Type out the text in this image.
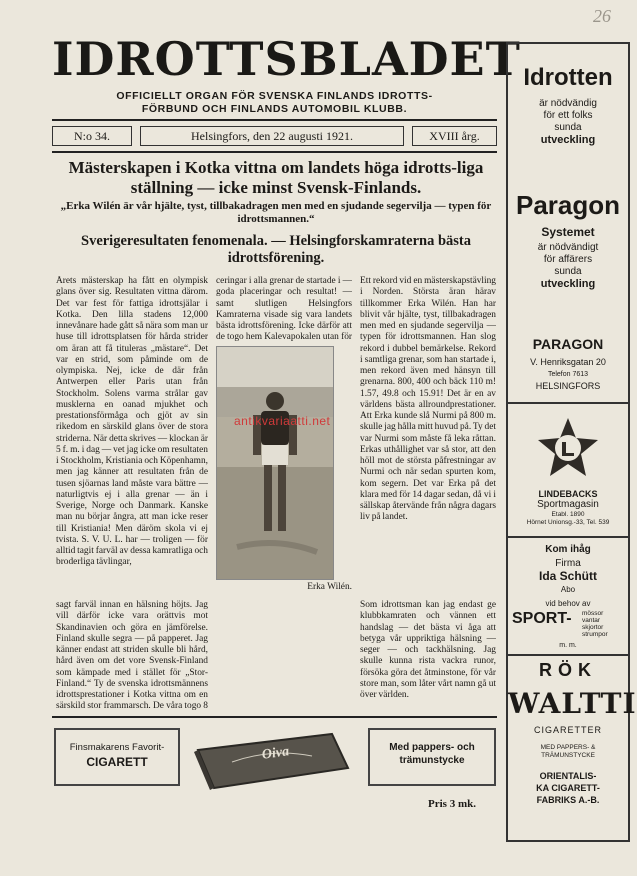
26
IDROTTSBLADET
OFFICIELLT ORGAN FÖR SVENSKA FINLANDS IDROTTS-
FÖRBUND OCH FINLANDS AUTOMOBIL KLUBB.
N:o 34.	Helsingfors, den 22 augusti 1921.	XVIII årg.
Mästerskapen i Kotka vittna om landets höga idrotts-liga ställning — icke minst Svensk-Finlands.
„Erka Wilén är vår hjälte, tyst, tillbakadragen men med en sjudande segervilja — typen för idrottsmannen.“
Sverigeresultaten fenomenala. — Helsingforskamraterna bästa idrottsförening.
Årets mästerskap ha fått en olympisk glans över sig. Resultaten vittna därom. Det var fest för fattiga idrottsjälar i Kotka. Den lilla stadens 12,000 innevånare hade gått så nära som man ur huse till idrottsplatsen för hårda strider om äran att få tituleras „mästare“. Det var en strid, som påminde om de olympiska. Nej, icke de där från Antwerpen eller Paris utan från Stockholm. Solens varma strålar gav musklerna en oanad mjukhet och prestationsförmåga och gjöt av sin rikedom en särskild glans över de stora striderna. När detta skrives — klockan är 5 f. m. i dag — vet jag icke om resultaten i Stockholm, Kristiania och Köpenhamn, men jag känner att resultaten från de tusen sjöarnas land måste vara bättre — naturligtvis ej i alla grenar — än i Sverige, Norge och Danmark. Kanske man nu börjar ångra, att man icke reser till Kristiania! Men däröm skola vi ej tvista. S. V. U. L. har — troligen — för alltid tagit farväl av dessa kamratliga och broderliga tävlingar,
ceringar i alla grenar de startade i — goda placeringar och resultat! — samt slutligen Helsingfors Kamraterna visade sig vara landets bästa idrottsförening. Icke därför att de togo hem Kalevapokalen utan för
Ett rekord vid en mästerskapstävling i Norden. Största äran härav tillkommer Erka Wilén. Han har blivit vår hjälte, tyst, tillbakadragen men med en sjudande segervilja — typen för idrottsmannen. Han slog rekord i dubbel bemärkelse. Rekord i samtliga grenar, som han startade i, men rekord även med hänsyn till grenarna. 800, 400 och bäck 110 m! 1.57, 49.8 och 15.91! Det är en av världens bästa allroundprestationer. Att Erka kunde slå Nurmi på 800 m. skulle jag hålla mitt huvud på. Ty det var Nurmi som måste få leka råttan. Erkas uthållighet var så stor, att den höll mot de största påfrestningar av Nurmi och när sedan spurten kom, kom segern. Det var Erka på det klara med för 14 dagar sedan, då vi i sällskap återvände från några dagars liv på landet.
sagt farväl innan en hälsning höjts. Jag vill därför icke vara orättvis mot Skandinavien och göra en jämförelse. Finland skulle segra — på papperet. Jag känner endast att striden skulle bli hård, hård även om det vore Svensk-Finland som kämpade med i stället för „Stor-Finland.“ Ty de svenska idrottsmännens idrottsprestationer i Kotka vittna om en särskild stor frammarsch. De våra togo 8
Som idrottsman kan jag endast ge klubbkamraten och vännen ett handslag — det bästa vi åga att betyga vår uppriktiga hälsning — seger — och tackhälsning. Jag skulle kunna rista vackra runor, försöka göra det åtminstone, för vår store man, som låter vårt namn gå ut över världen.
antikvariaatti.net
Erka Wilén.
Finsmakarens Favorit-
CIGARETT	Oiva	Med pappers- och
trämunstycke
Pris 3 mk.
Idrotten
är nödvändig
för ett folks
sunda
utveckling
Paragon
Systemet
är nödvändigt
för affärers
sunda
utveckling
PARAGON
V. Henriksgatan 20
Telefon 7613
HELSINGFORS
LINDEBACKS
Sportmagasin
Etabl. 1890
Hörnet Unionsg.-33, Tel. 539
Kom ihåg
Firma
Ida Schütt
Abo
vid behov av
SPORT- mössor
vantar
skjortor
strumpor
m. m.
RÖK
WALTTI
CIGARETTER
MED PAPPERS- &
TRÄMUNSTYCKE
ORIENTALIS-
KA CIGARETT-
FABRIKS A.-B.
